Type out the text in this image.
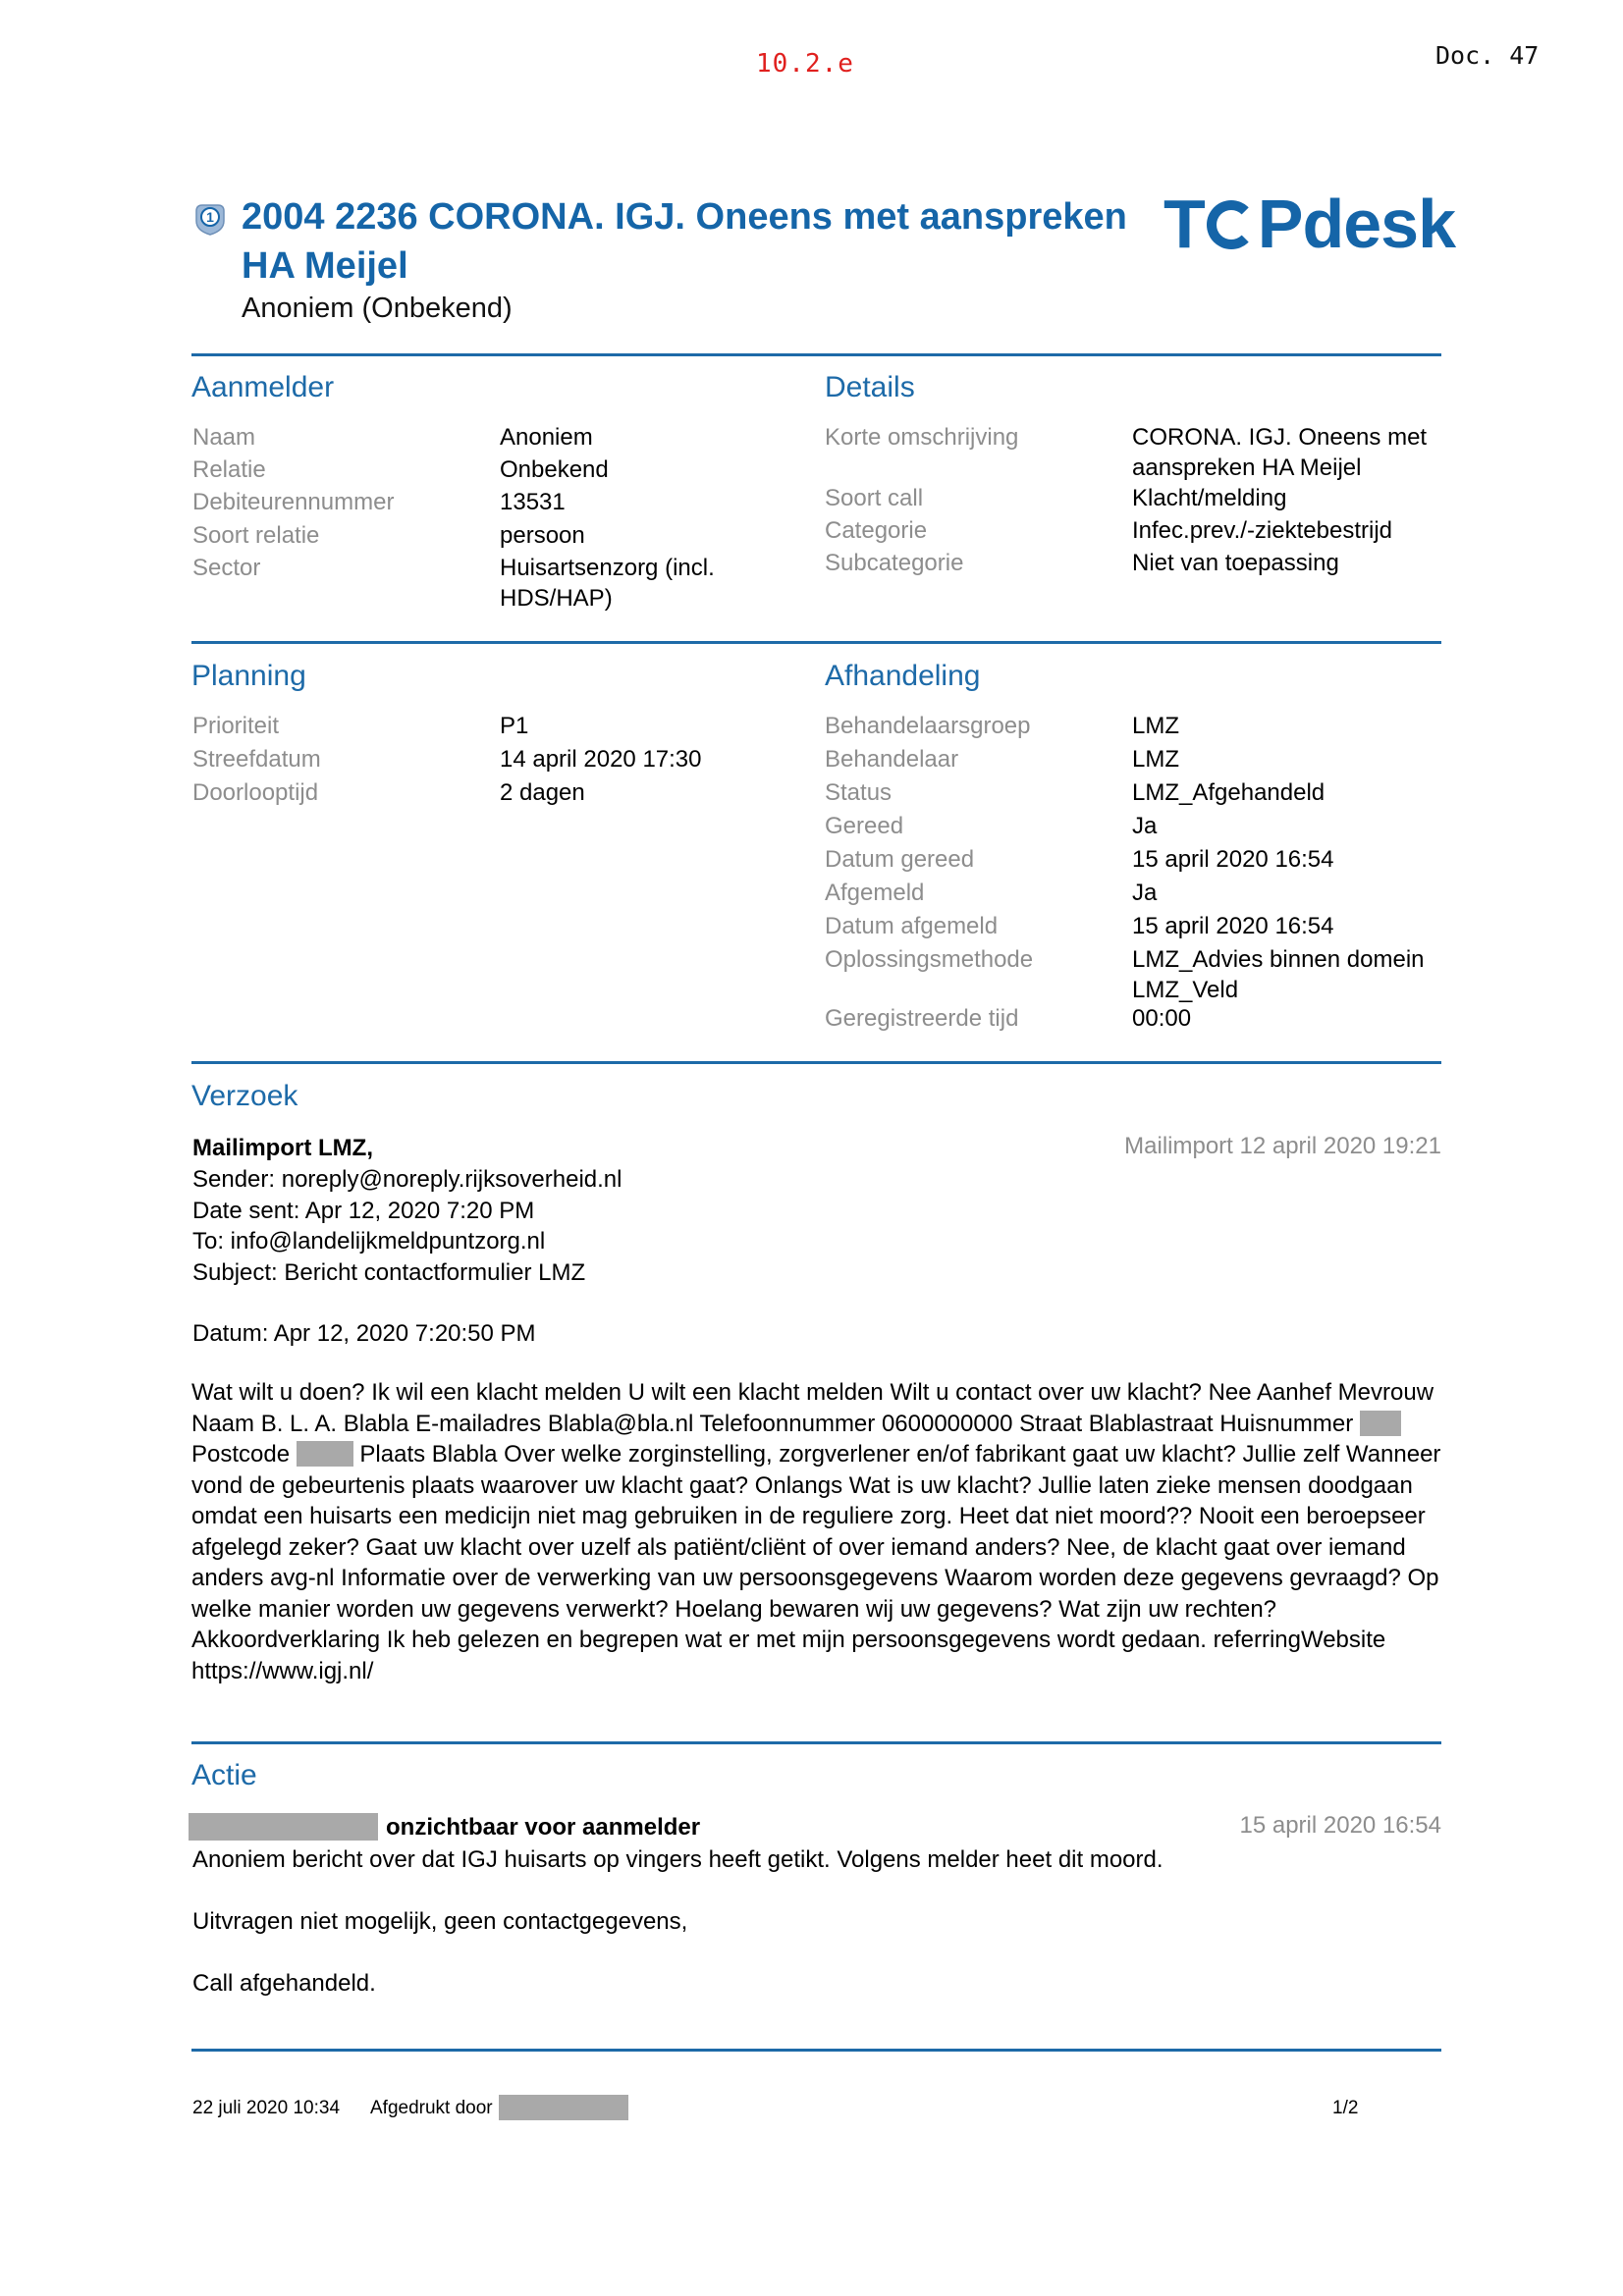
10.2.e	Doc. 47
1 2004 2236 CORONA. IGJ. Oneens met aanspreken HA Meijel
Anoniem (Onbekend)
T Pdesk
Aanmelder	Details
Naam	Anoniem
Relatie	Onbekend
Debiteurennummer	13531
Soort relatie	persoon
Sector	Huisartsenzorg (incl. HDS/HAP)
Korte omschrijving	CORONA. IGJ. Oneens met aanspreken HA Meijel
Soort call	Klacht/melding
Categorie	Infec.prev./-ziektebestrijd
Subcategorie	Niet van toepassing
Planning	Afhandeling
Prioriteit	P1
Streefdatum	14 april 2020 17:30
Doorlooptijd	2 dagen
Behandelaarsgroep	LMZ
Behandelaar	LMZ
Status	LMZ_Afgehandeld
Gereed	Ja
Datum gereed	15 april 2020 16:54
Afgemeld	Ja
Datum afgemeld	15 april 2020 16:54
Oplossingsmethode	LMZ_Advies binnen domein LMZ_Veld
Geregistreerde tijd	00:00
Verzoek
Mailimport LMZ,	Mailimport 12 april 2020 19:21
Sender: noreply@noreply.rijksoverheid.nl
Date sent: Apr 12, 2020 7:20 PM
To: info@landelijkmeldpuntzorg.nl
Subject: Bericht contactformulier LMZ
Datum: Apr 12, 2020 7:20:50 PM
Wat wilt u doen? Ik wil een klacht melden U wilt een klacht melden Wilt u contact over uw klacht? Nee Aanhef Mevrouw Naam B. L. A. Blabla E-mailadres Blabla@bla.nl Telefoonnummer 0600000000 Straat Blablastraat Huisnummer  Postcode	Plaats Blabla Over welke zorginstelling, zorgverlener en/of fabrikant gaat uw klacht? Jullie zelf Wanneer vond de gebeurtenis plaats waarover uw klacht gaat? Onlangs Wat is uw klacht? Jullie laten zieke mensen doodgaan omdat een huisarts een medicijn niet mag gebruiken in de reguliere zorg. Heet dat niet moord?? Nooit een beroepseer afgelegd zeker? Gaat uw klacht over uzelf als patiënt/cliënt of over iemand anders? Nee, de klacht gaat over iemand anders avg-nl Informatie over de verwerking van uw persoonsgegevens Waarom worden deze gegevens gevraagd? Op welke manier worden uw gegevens verwerkt? Hoelang bewaren wij uw gegevens? Wat zijn uw rechten? Akkoordverklaring Ik heb gelezen en begrepen wat er met mijn persoonsgegevens wordt gedaan. referringWebsite https://www.igj.nl/
Actie
onzichtbaar voor aanmelder	15 april 2020 16:54
Anoniem bericht over dat IGJ huisarts op vingers heeft getikt. Volgens melder heet dit moord.
Uitvragen niet mogelijk, geen contactgegevens,
Call afgehandeld.
22 juli 2020 10:34 Afgedrukt door	1/2
